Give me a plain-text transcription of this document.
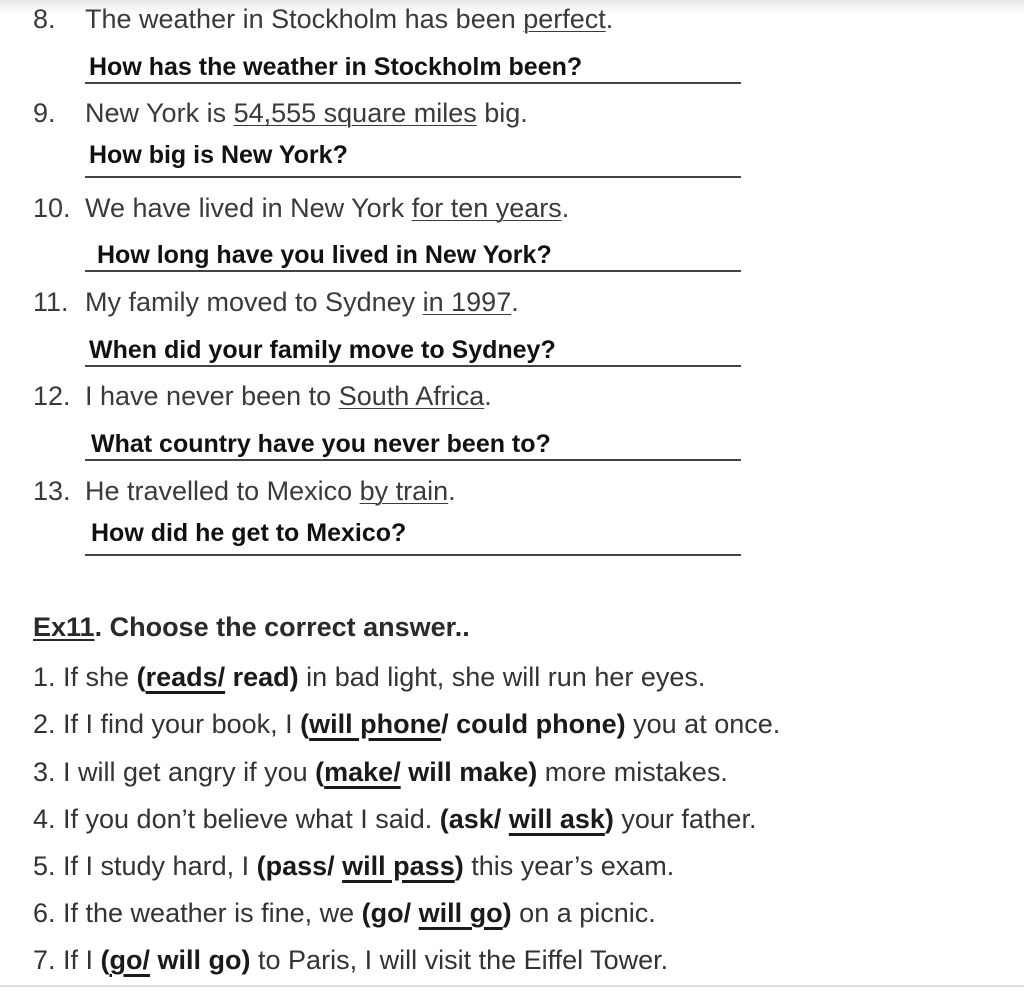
8. The weather in Stockholm has been perfect.
How has the weather in Stockholm been?
9. New York is 54,555 square miles big.
How big is New York?
10. We have lived in New York for ten years.
How long have you lived in New York?
11. My family moved to Sydney in 1997.
When did your family move to Sydney?
12. I have never been to South Africa.
What country have you never been to?
13. He travelled to Mexico by train.
How did he get to Mexico?
Ex11. Choose the correct answer..
1. If she (reads/ read) in bad light, she will run her eyes.
2. If I find your book, I (will phone/ could phone) you at once.
3. I will get angry if you (make/ will make) more mistakes.
4. If you don’t believe what I said. (ask/ will ask) your father.
5. If I study hard, I (pass/ will pass) this year’s exam.
6. If the weather is fine, we (go/ will go) on a picnic.
7. If I (go/ will go) to Paris, I will visit the Eiffel Tower.
